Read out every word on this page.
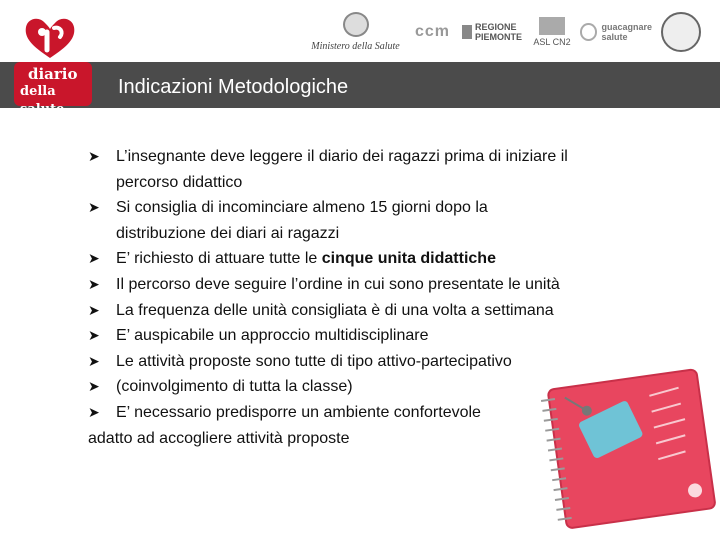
Ministero della Salute
ccm	REGIONE
PIEMONTE ASL CN2
guacagnare
salute
diario
della salute
Indicazioni Metodologiche
➤ L’insegnante deve leggere il diario dei ragazzi prima di iniziare il
percorso didattico
➤ Si consiglia di incominciare almeno 15 giorni dopo la
distribuzione dei diari ai ragazzi
➤ E’ richiesto di attuare tutte le cinque unita didattiche
➤ Il percorso deve seguire l’ordine in cui sono presentate le unità
➤ La frequenza delle unità consigliata è di una volta a settimana
➤ E’ auspicabile un approccio multidisciplinare
➤ Le attività proposte sono tutte di tipo attivo-partecipativo
➤ (coinvolgimento di tutta la classe)
➤ E’ necessario predisporre un ambiente confortevole
adatto ad accogliere attività proposte
